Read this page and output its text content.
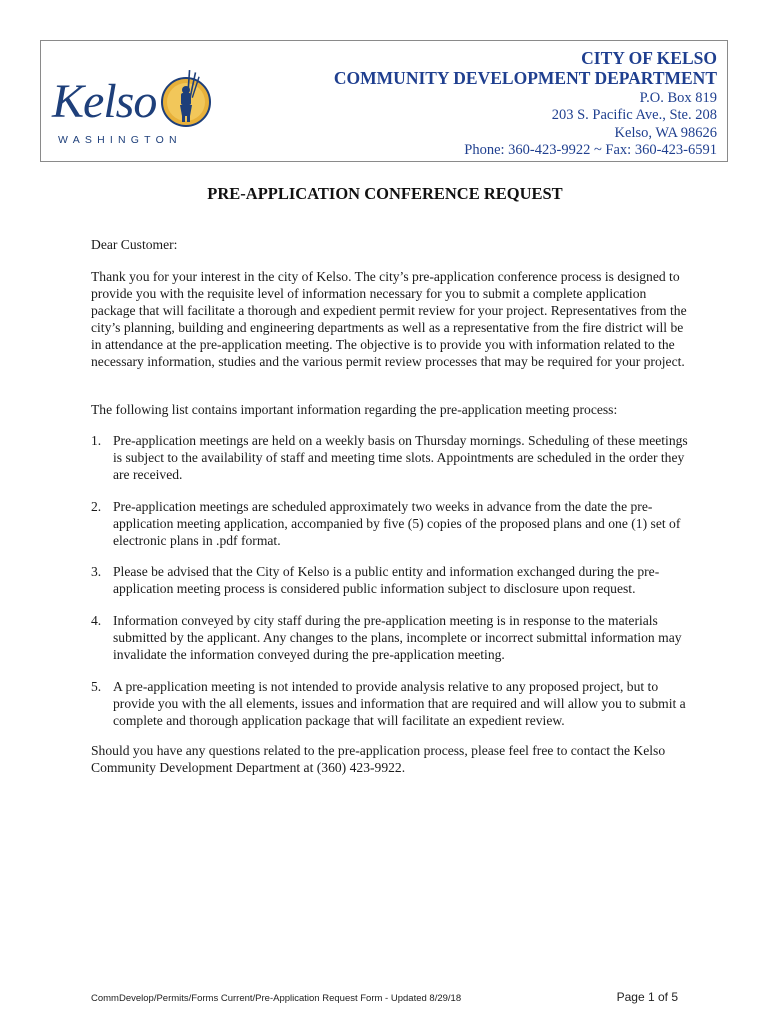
Kelso
WASHINGTON
CITY OF KELSO
COMMUNITY DEVELOPMENT DEPARTMENT
P.O. Box 819
203 S. Pacific Ave., Ste. 208
Kelso, WA 98626
Phone: 360-423-9922 ~ Fax: 360-423-6591
PRE-APPLICATION CONFERENCE REQUEST
Dear Customer:
Thank you for your interest in the city of Kelso. The city’s pre-application conference process is designed to provide you with the requisite level of information necessary for you to submit a complete application package that will facilitate a thorough and expedient permit review for your project. Representatives from the city’s planning, building and engineering departments as well as a representative from the fire district will be in attendance at the pre-application meeting. The objective is to provide you with information related to the necessary information, studies and the various permit review processes that may be required for your project.
The following list contains important information regarding the pre-application meeting process:
1. Pre-application meetings are held on a weekly basis on Thursday mornings. Scheduling of these meetings is subject to the availability of staff and meeting time slots. Appointments are scheduled in the order they are received.
2. Pre-application meetings are scheduled approximately two weeks in advance from the date the pre-application meeting application, accompanied by five (5) copies of the proposed plans and one (1) set of electronic plans in .pdf format.
3. Please be advised that the City of Kelso is a public entity and information exchanged during the pre-application meeting process is considered public information subject to disclosure upon request.
4. Information conveyed by city staff during the pre-application meeting is in response to the materials submitted by the applicant. Any changes to the plans, incomplete or incorrect submittal information may invalidate the information conveyed during the pre-application meeting.
5. A pre-application meeting is not intended to provide analysis relative to any proposed project, but to provide you with the all elements, issues and information that are required and will allow you to submit a complete and thorough application package that will facilitate an expedient review.
Should you have any questions related to the pre-application process, please feel free to contact the Kelso Community Development Department at (360) 423-9922.
CommDevelop/Permits/Forms Current/Pre-Application Request Form - Updated 8/29/18	Page 1 of 5
